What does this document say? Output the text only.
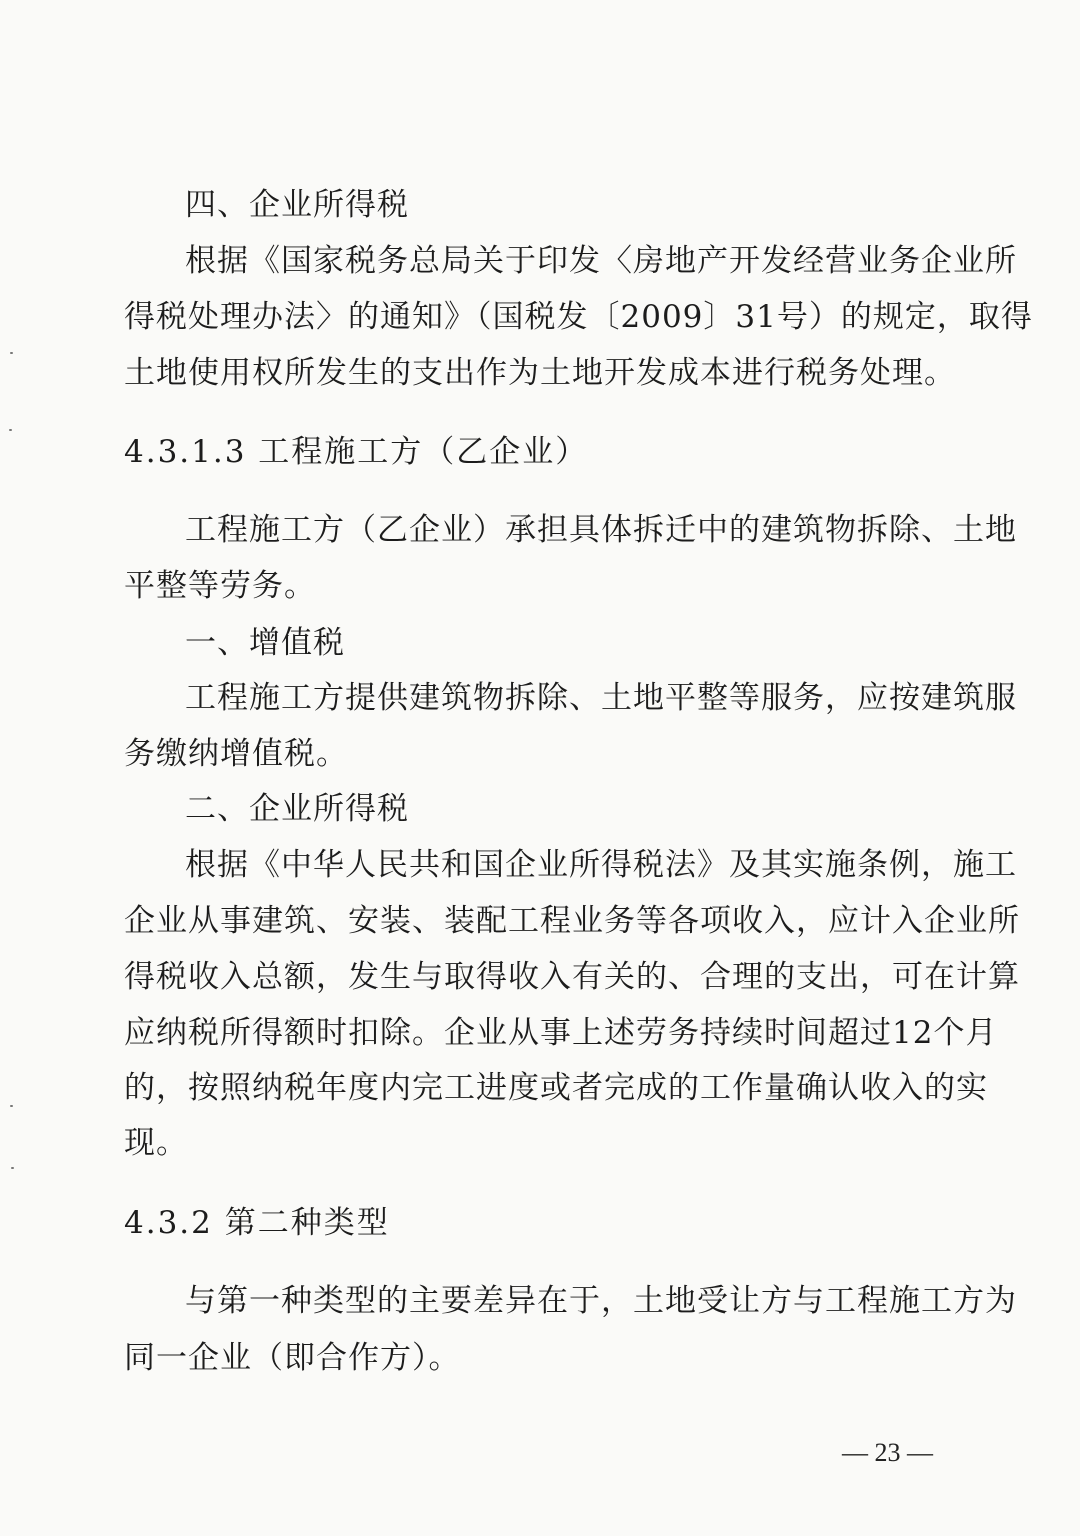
四、企业所得税
根据《国家税务总局关于印发〈房地产开发经营业务企业所
得税处理办法〉的通知》（国税发〔2009〕31号）的规定，取得
土地使用权所发生的支出作为土地开发成本进行税务处理。
4.3.1.3 工程施工方（乙企业）
工程施工方（乙企业）承担具体拆迁中的建筑物拆除、土地
平整等劳务。
一、增值税
工程施工方提供建筑物拆除、土地平整等服务，应按建筑服
务缴纳增值税。
二、企业所得税
根据《中华人民共和国企业所得税法》及其实施条例，施工
企业从事建筑、安装、装配工程业务等各项收入，应计入企业所
得税收入总额，发生与取得收入有关的、合理的支出，可在计算
应纳税所得额时扣除。企业从事上述劳务持续时间超过12个月
的，按照纳税年度内完工进度或者完成的工作量确认收入的实
现。
4.3.2 第二种类型
与第一种类型的主要差异在于，土地受让方与工程施工方为
同一企业（即合作方）。
— 23 —
